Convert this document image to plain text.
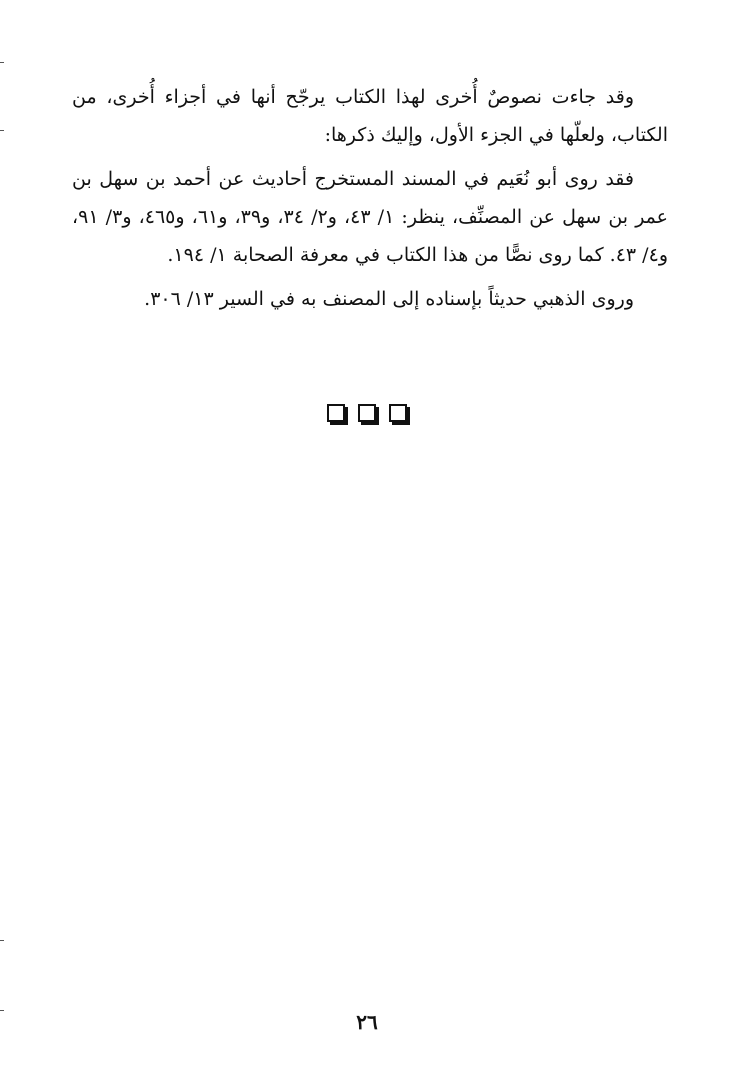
وقد جاءت نصوصٌ أُخرى لهذا الكتاب يرجّح أنها في أجزاء أُخرى، من الكتاب، ولعلّها في الجزء الأول، وإليك ذكرها:

فقد روى أبو نُعَيم في المسند المستخرج أحاديث عن أحمد بن سهل بن عمر بن سهل عن المصنِّف، ينظر: ١/ ٤٣، و٢/ ٣٤، و٣٩، و٦١، و٤٦٥، و٣/ ٩١، و٤/ ٤٣. كما روى نصًّا من هذا الكتاب في معرفة الصحابة ١/ ١٩٤.

وروى الذهبي حديثاً بإسناده إلى المصنف به في السير ١٣/ ٣٠٦.

٢٦
